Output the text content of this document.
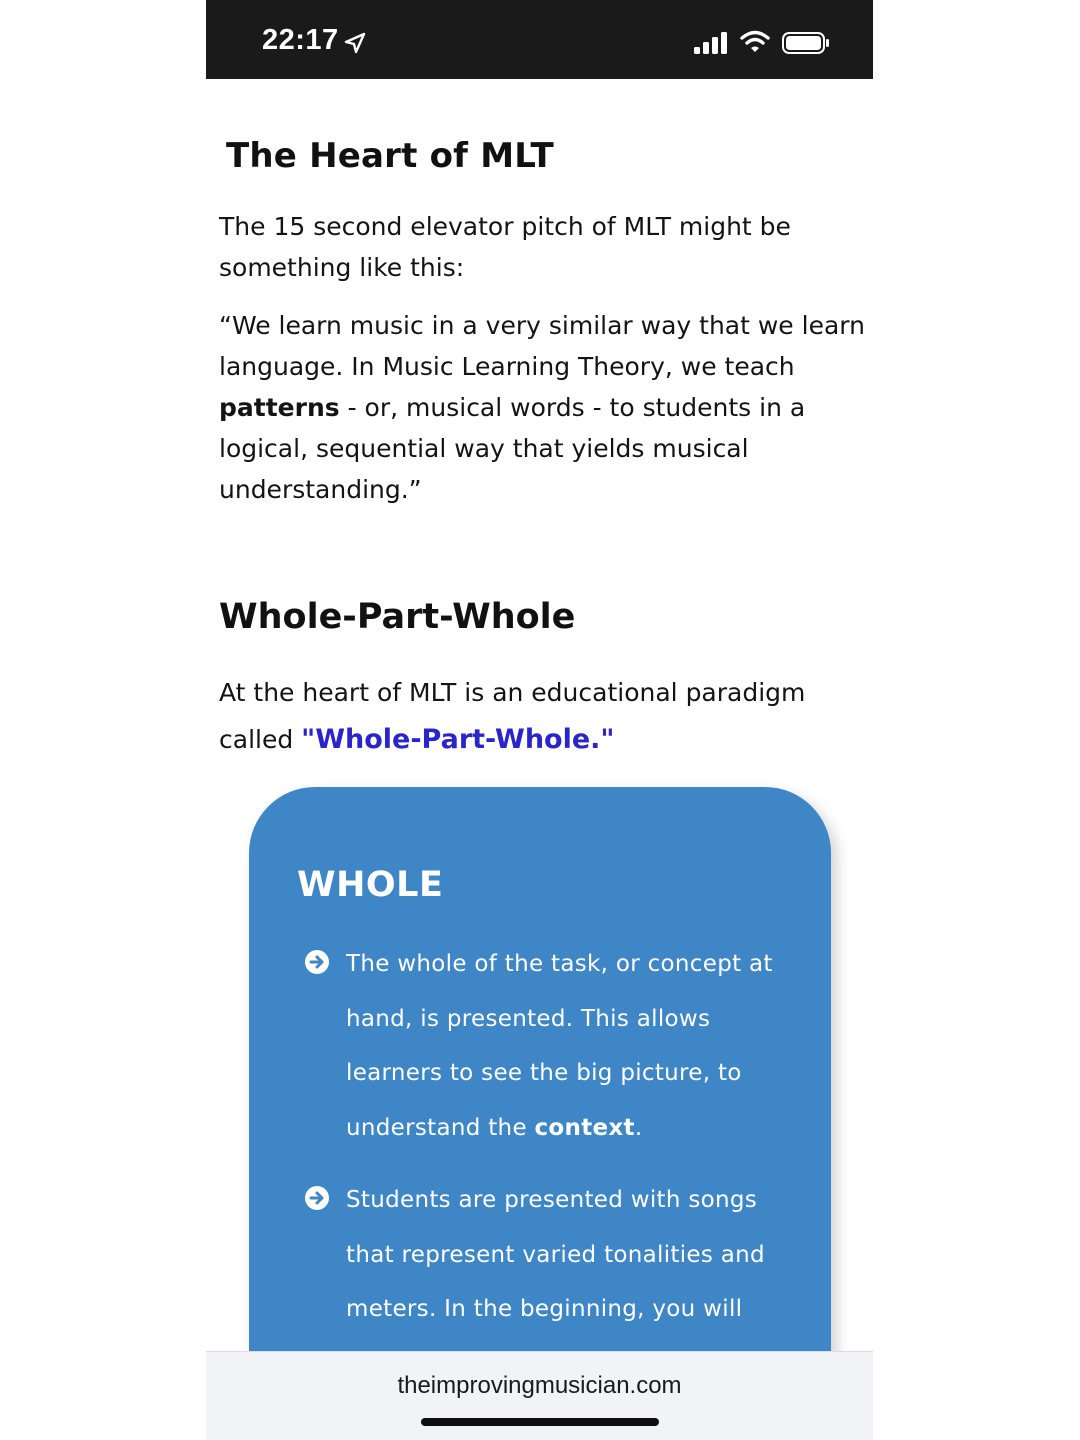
22:17
The Heart of MLT

The 15 second elevator pitch of MLT might be something like this:

“We learn music in a very similar way that we learn language. In Music Learning Theory, we teach patterns - or, musical words - to students in a logical, sequential way that yields musical understanding.”

Whole-Part-Whole

At the heart of MLT is an educational paradigm called "Whole-Part-Whole."

WHOLE
The whole of the task, or concept at hand, is presented. This allows learners to see the big picture, to understand the context.
Students are presented with songs that represent varied tonalities and meters. In the beginning, you will
theimprovingmusician.com
